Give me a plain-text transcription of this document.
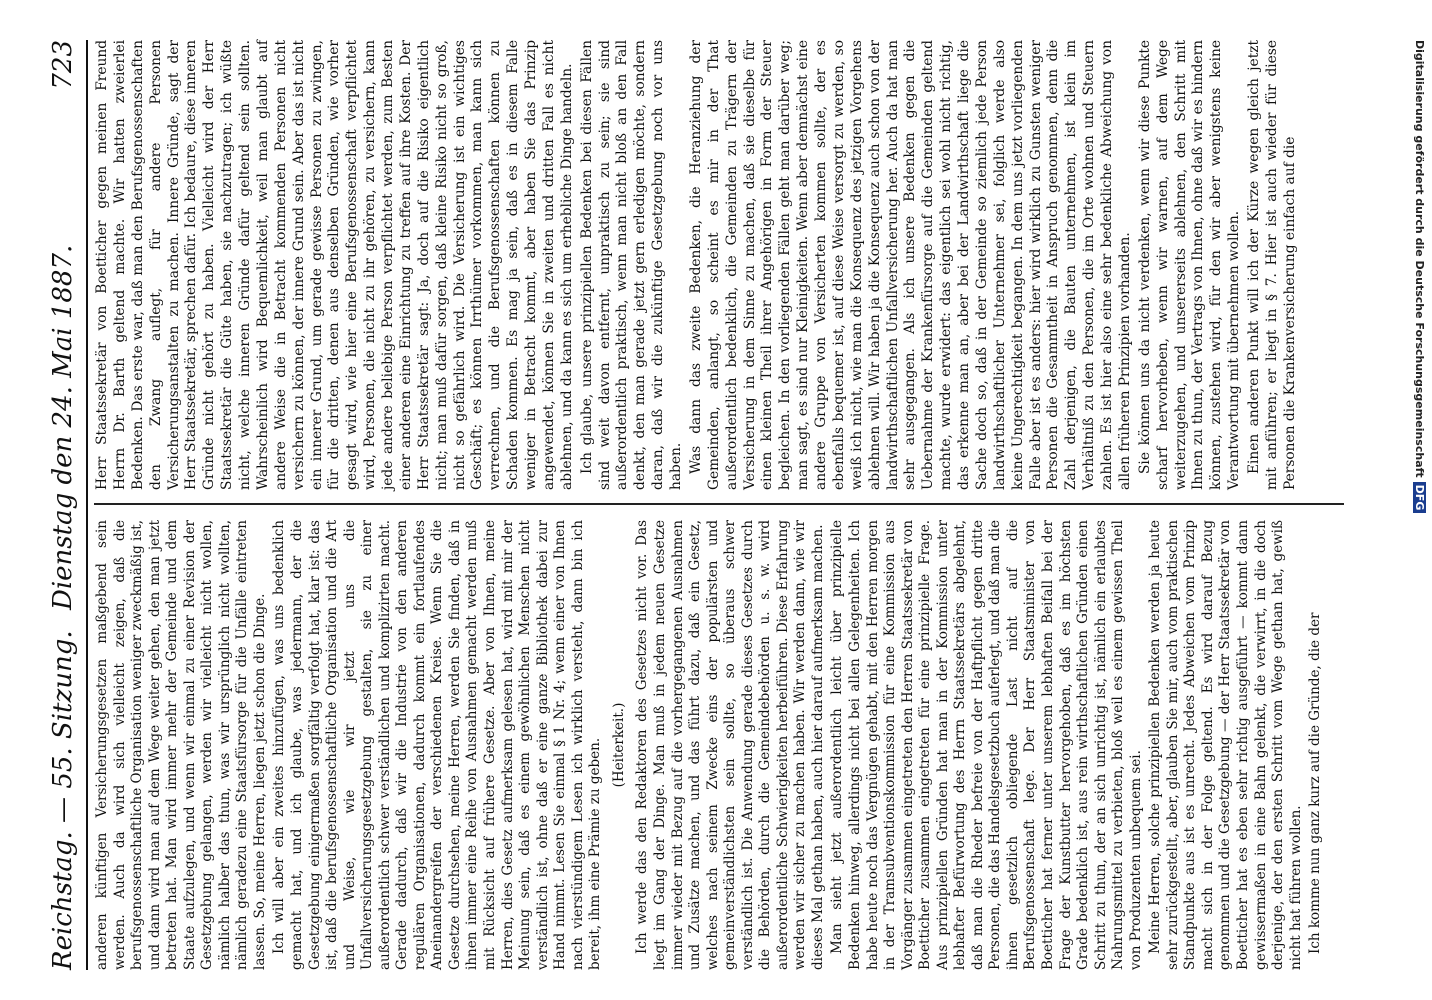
Reichstag. — 55. Sitzung.
Dienstag den 24. Mai 1887.
723

anderen künftigen Versicherungsgesetzen maßgebend sein werden. Auch da wird sich vielleicht zeigen, daß die berufsgenossenschaftliche Organisation weniger zweckmäßig ist, und dann wird man auf dem Wege weiter gehen, den man jetzt betreten hat. Man wird immer mehr der Gemeinde und dem Staate aufzulegen, und wenn wir einmal zu einer Revision der Gesetzgebung gelangen, werden wir vielleicht nicht wollen, nämlich halber das thun, was wir ursprünglich nicht wollten, nämlich geradezu eine Staatsfürsorge für die Unfälle eintreten lassen. So, meine Herren, liegen jetzt schon die Dinge. Ich will aber ein zweites hinzufügen, was uns bedenklich gemacht hat, und ich glaube, was jedermann, der die Gesetzgebung einigermaßen sorgfältig verfolgt hat, klar ist: das ist, daß die berufsgenossenschaftliche Organisation und die Art und Weise, wie wir jetzt uns die Unfallversicherungsgesetzgebung gestalten, sie zu einer außerordentlich schwer verständlichen und komplizirten macht. Gerade dadurch, daß wir die Industrie von den anderen regulären Organisationen, dadurch kommt ein fortlaufendes Aneinandergreifen der verschiedenen Kreise. Wenn Sie die Gesetze durchsehen, meine Herren, werden Sie finden, daß in ihnen immer eine Reihe von Ausnahmen gemacht werden muß mit Rücksicht auf frühere Gesetze. Aber von Ihnen, meine Herren, dies Gesetz aufmerksam gelesen hat, wird mit mir der Meinung sein, daß es einem gewöhnlichen Menschen nicht verständlich ist, ohne daß er eine ganze Bibliothek dabei zur Hand nimmt. Lesen Sie einmal § 1 Nr. 4; wenn einer von Ihnen nach vierstündigem Lesen ich wirklich versteht, dann bin ich bereit, ihm eine Prämie zu geben. (Heiterkeit.) Ich werde das den Redaktoren des Gesetzes nicht vor. Das liegt im Gang der Dinge. Man muß in jedem neuen Gesetze immer wieder mit Bezug auf die vorhergegangenen Ausnahmen und Zusätze machen, und das führt dazu, daß ein Gesetz, welches nach seinem Zwecke eins der populärsten und gemeinverständlichsten sein sollte, so überaus schwer verständlich ist. Die Anwendung gerade dieses Gesetzes durch die Behörden, durch die Gemeindebehörden u. s. w. wird außerordentliche Schwierigkeiten herbeiführen. Diese Erfahrung werden wir sicher zu machen haben. Wir werden dann, wie wir dieses Mal gethan haben, auch hier darauf aufmerksam machen. Man sieht jetzt außerordentlich leicht über prinzipielle Bedenken hinweg, allerdings nicht bei allen Gelegenheiten. Ich habe heute noch das Vergnügen gehabt, mit den Herren morgen in der Tramsubventionskommission für eine Kommission aus Vorgänger zusammen eingetreten den Herren Staatssekretär von Boetticher zusammen eingetreten für eine prinzipielle Frage. Aus prinzipiellen Gründen hat man in der Kommission unter lebhafter Befürwortung des Herrn Staatssekretärs abgelehnt, daß man die Rheder befreie von der Haftpflicht gegen dritte Personen, die das Handelsgesetzbuch auferlegt, und daß man die ihnen gesetzlich obliegende Last nicht auf die Berufsgenossenschaft lege. Der Herr Staatsminister von Boetticher hat ferner unter unserem lebhaften Beifall bei der Frage der Kunstbutter hervorgehoben, daß es im höchsten Grade bedenklich ist, aus rein wirthschaftlichen Gründen einen Schritt zu thun, der an sich unrichtig ist, nämlich ein erlaubtes Nahrungsmittel zu verbieten, bloß weil es einem gewissen Theil von Produzenten unbequem sei. Meine Herren, solche prinzipiellen Bedenken werden ja heute sehr zurückgestellt, aber, glauben Sie mir, auch vom praktischen Standpunkte aus ist es unrecht. Jedes Abweichen vom Prinzip macht sich in der Folge geltend. Es wird darauf Bezug genommen und die Gesetzgebung — der Herr Staatssekretär von Boetticher hat es eben sehr richtig ausgeführt — kommt dann gewissermaßen in eine Bahn gelenkt, die verwirrt, in die doch derjenige, der den ersten Schritt vom Wege gethan hat, gewiß nicht hat führen wollen. Ich komme nun ganz kurz auf die Gründe, die der

Herr Staatssekretär von Boetticher gegen meinen Freund Herrn Dr. Barth geltend machte. Wir hatten zweierlei Bedenken. Das erste war, daß man den Berufsgenossenschaften den Zwang auflegt, für andere Personen Versicherungsanstalten zu machen. Innere Gründe, sagt der Herr Staatssekretär, sprechen dafür. Ich bedaure, diese inneren Gründe nicht gehört zu haben. Vielleicht wird der Herr Staatssekretär die Güte haben, sie nachzutragen; ich wüßte nicht, welche inneren Gründe dafür geltend sein sollten. Wahrscheinlich wird Bequemlichkeit, weil man glaubt auf andere Weise die in Betracht kommenden Personen nicht versichern zu können, der innere Grund sein. Aber das ist nicht ein innerer Grund, um gerade gewisse Personen zu zwingen, für die dritten, denen aus denselben Gründen, wie vorher gesagt wird, wie hier eine Berufsgenossenschaft verpflichtet wird, Personen, die nicht zu ihr gehören, zu versichern, kann jede andere beliebige Person verpflichtet werden, zum Besten einer anderen eine Einrichtung zu treffen auf ihre Kosten. Der Herr Staatssekretär sagt: Ja, doch auf die Risiko eigentlich nicht; man muß dafür sorgen, daß kleine Risiko nicht so groß, nicht so gefährlich wird. Die Versicherung ist ein wichtiges Geschäft; es können Irrthümer vorkommen, man kann sich verrechnen, und die Berufsgenossenschaften können zu Schaden kommen. Es mag ja sein, daß es in diesem Falle weniger in Betracht kommt, aber haben Sie das Prinzip angewendet, können Sie in zweiten und dritten Fall es nicht ablehnen, und da kann es sich um erhebliche Dinge handeln. Ich glaube, unsere prinzipiellen Bedenken bei diesen Fällen sind weit davon entfernt, unpraktisch zu sein; sie sind außerordentlich praktisch, wenn man nicht bloß an den Fall denkt, den man gerade jetzt gern erledigen möchte, sondern daran, daß wir die zukünftige Gesetzgebung noch vor uns haben. Was dann das zweite Bedenken, die Heranziehung der Gemeinden, anlangt, so scheint es mir in der That außerordentlich bedenklich, die Gemeinden zu Trägern der Versicherung in dem Sinne zu machen, daß sie dieselbe für einen kleinen Theil ihrer Angehörigen in Form der Steuer begleichen. In den vorliegenden Fällen geht man darüber weg; man sagt, es sind nur Kleinigkeiten. Wenn aber demnächst eine andere Gruppe von Versicherten kommen sollte, der es ebenfalls bequemer ist, auf diese Weise versorgt zu werden, so weiß ich nicht, wie man die Konsequenz des jetzigen Vorgehens ablehnen will. Wir haben ja die Konsequenz auch schon von der landwirthschaftlichen Unfallversicherung her. Auch da hat man sehr ausgegangen. Als ich unsere Bedenken gegen die Uebernahme der Krankenfürsorge auf die Gemeinden geltend machte, wurde erwidert: das eigentlich sei wohl nicht richtig, das erkenne man an, aber bei der Landwirthschaft liege die Sache doch so, daß in der Gemeinde so ziemlich jede Person landwirthschaftlicher Unternehmer sei, folglich werde also keine Ungerechtigkeit begangen. In dem uns jetzt vorliegenden Falle aber ist es anders: hier wird wirklich zu Gunsten weniger Personen die Gesammtheit in Anspruch genommen, denn die Zahl derjenigen, die Bauten unternehmen, ist klein im Verhältniß zu den Personen, die im Orte wohnen und Steuern zahlen. Es ist hier also eine sehr bedenkliche Abweichung von allen früheren Prinzipien vorhanden. Sie können uns da nicht verdenken, wenn wir diese Punkte scharf hervorheben, wenn wir warnen, auf dem Wege weiterzugehen, und unsererseits ablehnen, den Schritt mit Ihnen zu thun, der Vertrags von Ihnen, ohne daß wir es hindern können, zustehen wird, für den wir aber wenigstens keine Verantwortung mit übernehmen wollen. Einen anderen Punkt will ich der Kürze wegen gleich jetzt mit anführen; er liegt in § 7. Hier ist auch wieder für diese Personen die Krankenversicherung einfach auf die	Digitalisierung gefördert durch die Deutsche ForschungsgemeinschaftDFG
